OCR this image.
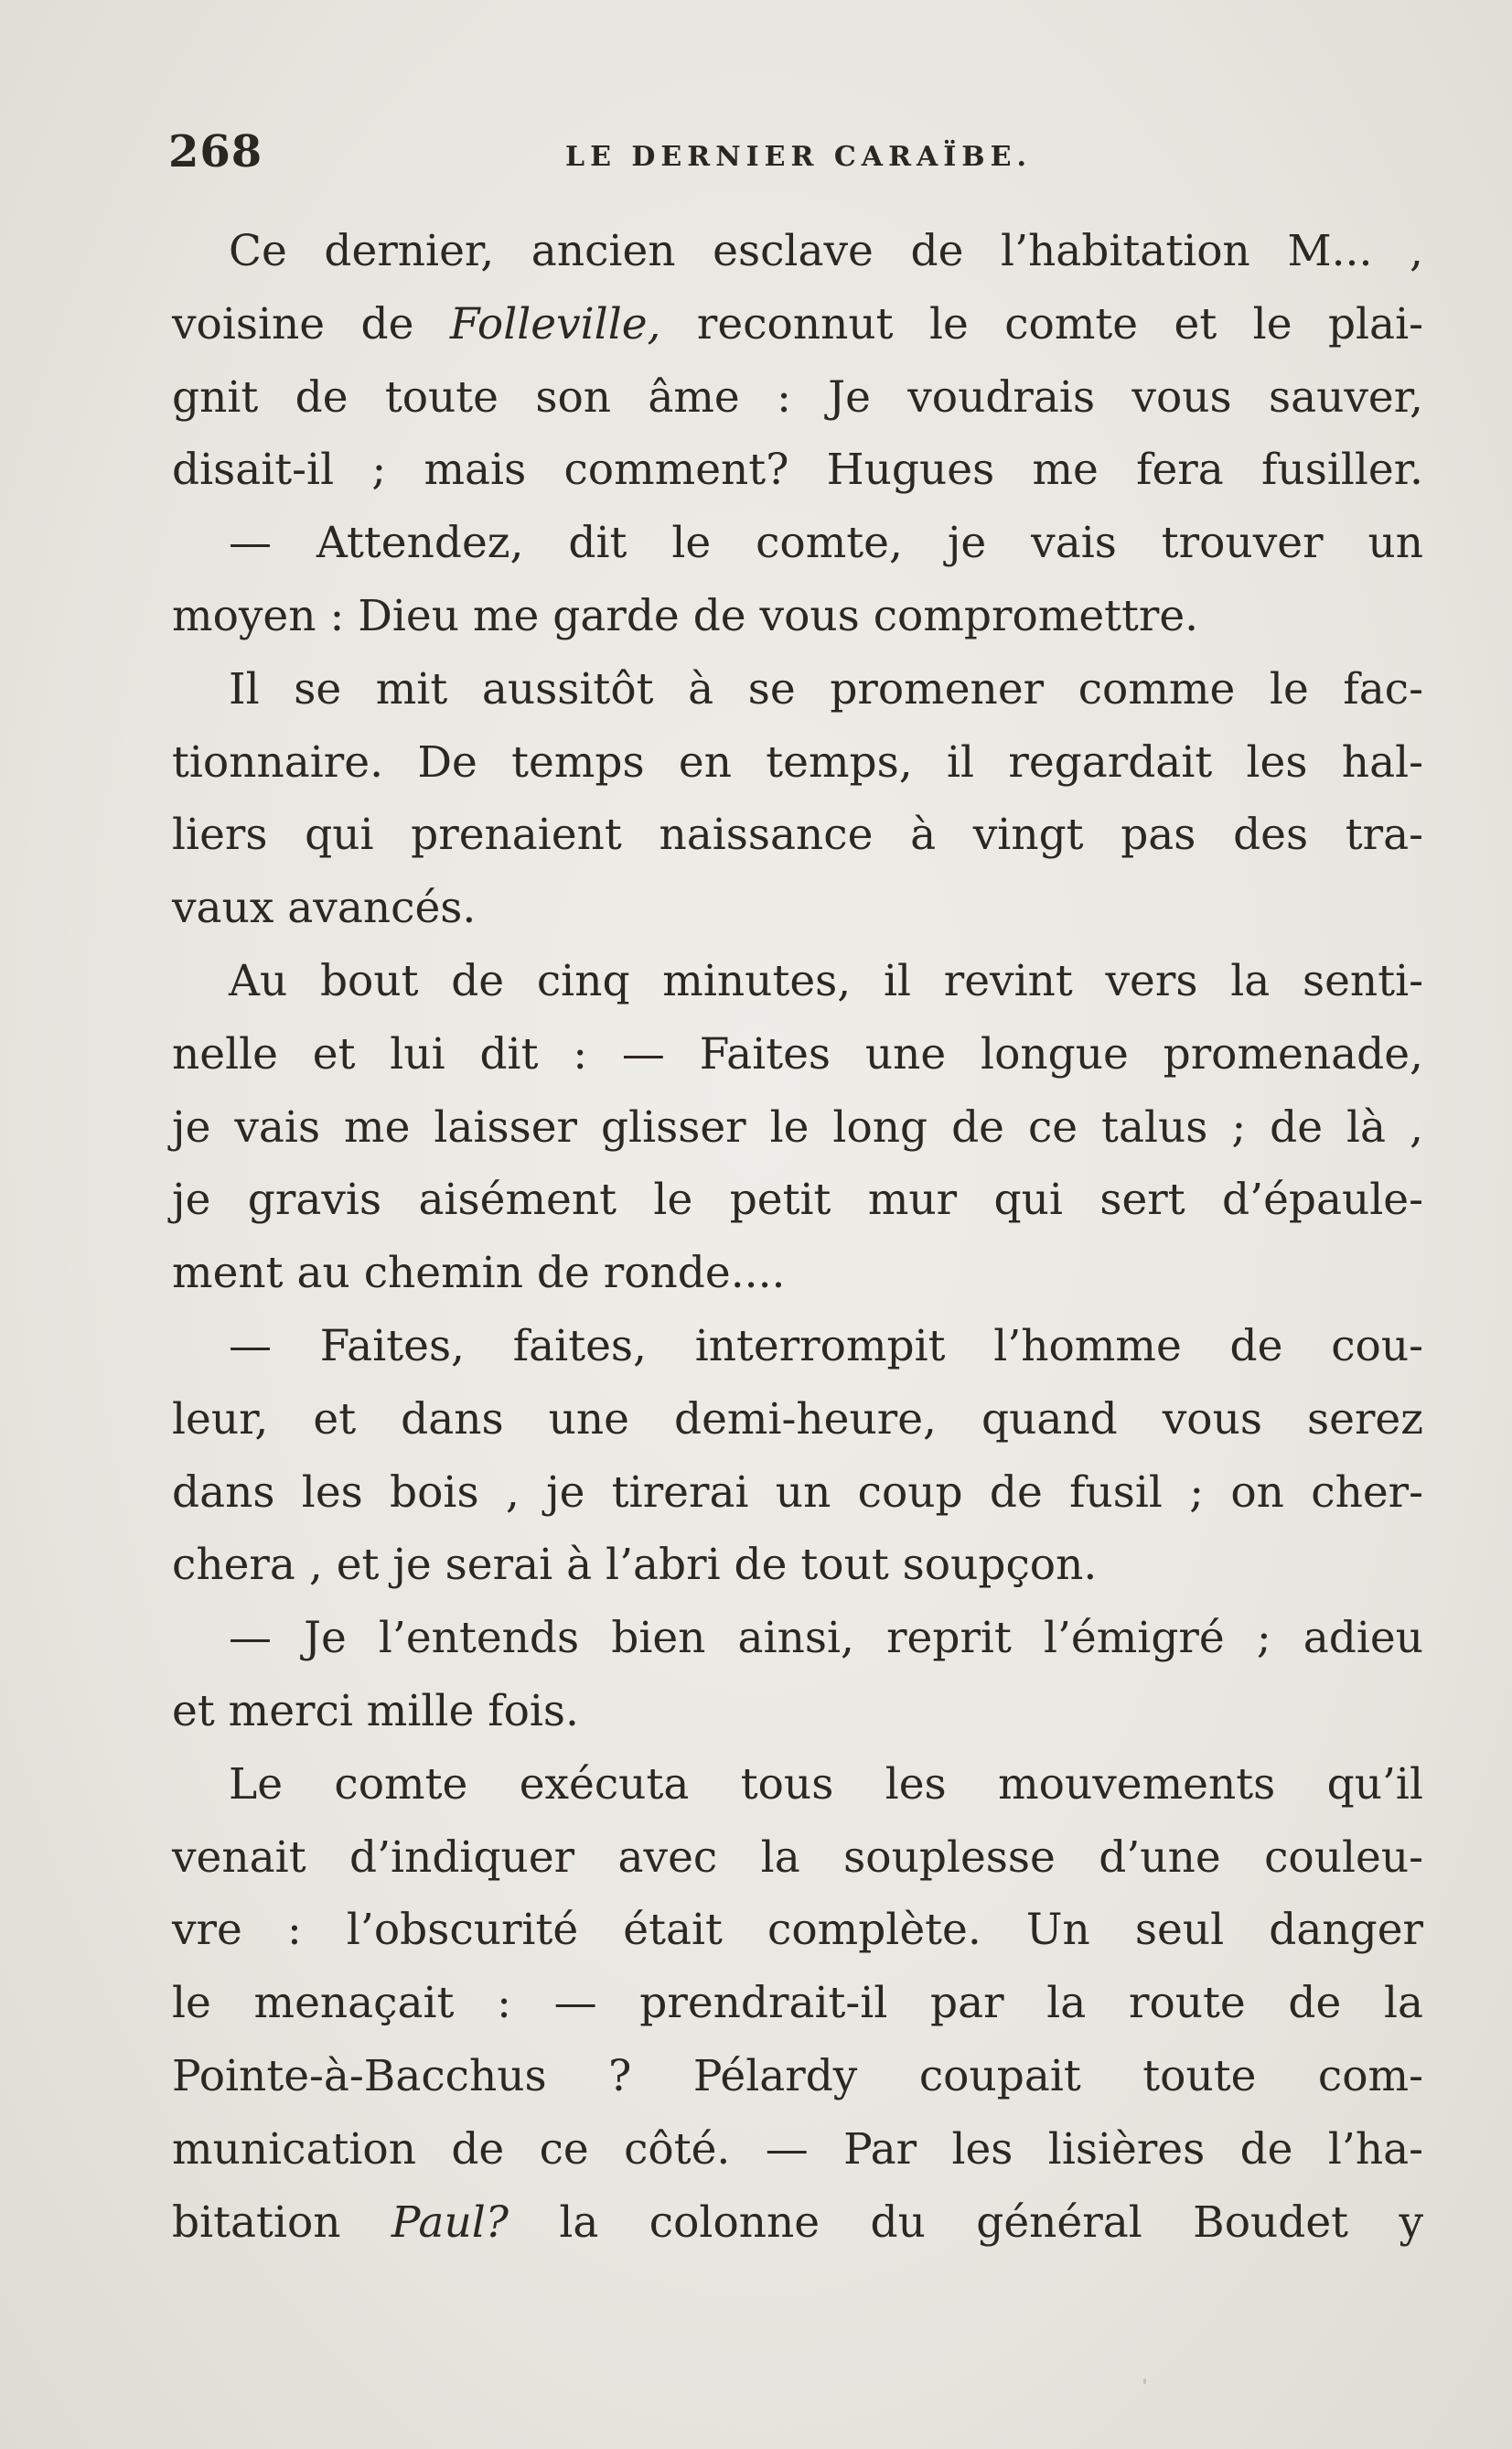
268	LE DERNIER CARAÏBE.
Ce dernier, ancien esclave de l’habitation M... ,
voisine de Folleville, reconnut le comte et le plai-
gnit de toute son âme : Je voudrais vous sauver,
disait-il ; mais comment? Hugues me fera fusiller.
— Attendez, dit le comte, je vais trouver un
moyen : Dieu me garde de vous compromettre.
Il se mit aussitôt à se promener comme le fac-
tionnaire. De temps en temps, il regardait les hal-
liers qui prenaient naissance à vingt pas des tra-
vaux avancés.
Au bout de cinq minutes, il revint vers la senti-
nelle et lui dit : — Faites une longue promenade,
je vais me laisser glisser le long de ce talus ; de là ,
je gravis aisément le petit mur qui sert d’épaule-
ment au chemin de ronde....
— Faites, faites, interrompit l’homme de cou-
leur, et dans une demi-heure, quand vous serez
dans les bois , je tirerai un coup de fusil ; on cher-
chera , et je serai à l’abri de tout soupçon.
— Je l’entends bien ainsi, reprit l’émigré ; adieu
et merci mille fois.
Le comte exécuta tous les mouvements qu’il
venait d’indiquer avec la souplesse d’une couleu-
vre : l’obscurité était complète. Un seul danger
le menaçait : — prendrait-il par la route de la
Pointe-à-Bacchus ? Pélardy coupait toute com-
munication de ce côté. — Par les lisières de l’ha-
bitation Paul? la colonne du général Boudet y
